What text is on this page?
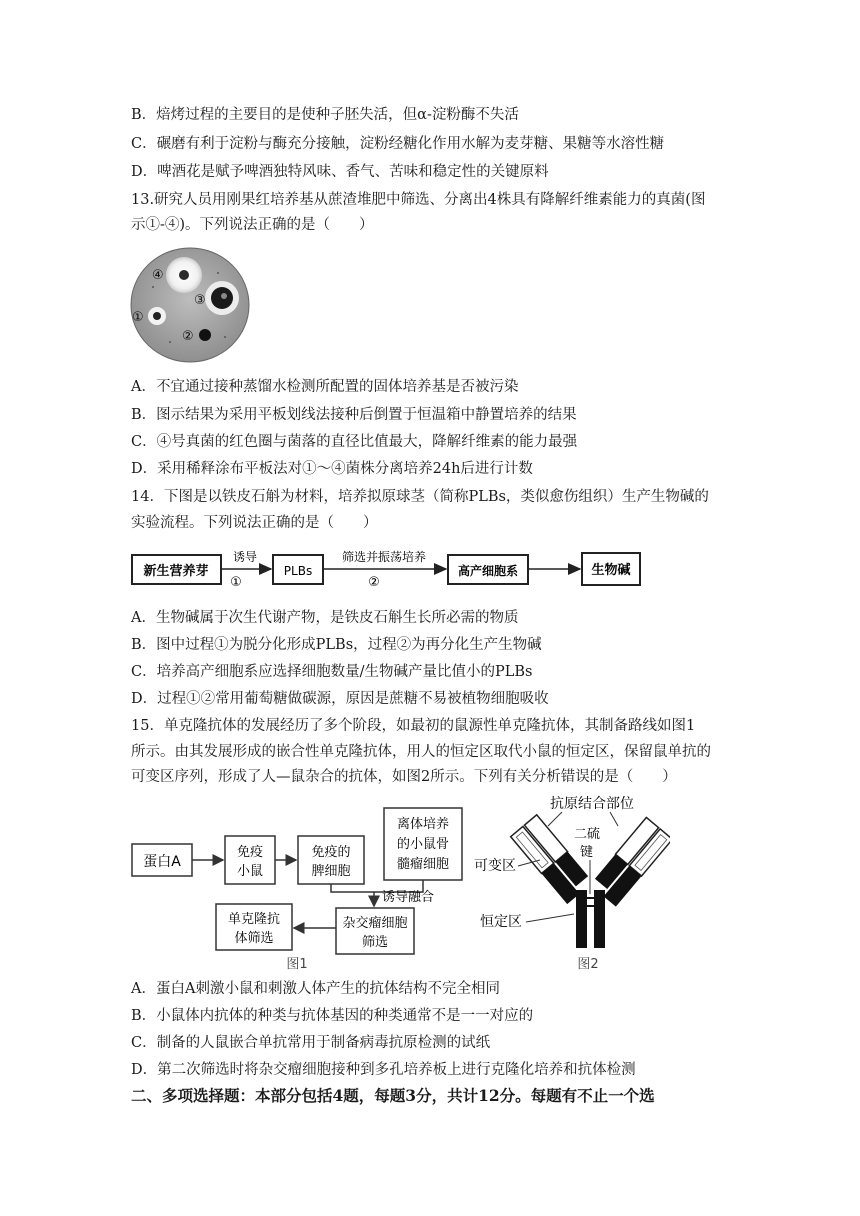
B．焙烤过程的主要目的是使种子胚失活，但α-淀粉酶不失活
C．碾磨有利于淀粉与酶充分接触，淀粉经糖化作用水解为麦芽糖、果糖等水溶性糖
D．啤酒花是赋予啤酒独特风味、香气、苦味和稳定性的关键原料
13.研究人员用刚果红培养基从蔗渣堆肥中筛选、分离出4株具有降解纤维素能力的真菌(图
示①-④)。下列说法正确的是（　　）
④
③
①
②
A．不宜通过接种蒸馏水检测所配置的固体培养基是否被污染
B．图示结果为采用平板划线法接种后倒置于恒温箱中静置培养的结果
C．④号真菌的红色圈与菌落的直径比值最大，降解纤维素的能力最强
D．采用稀释涂布平板法对①～④菌株分离培养24h后进行计数
14．下图是以铁皮石斛为材料，培养拟原球茎（简称PLBs，类似愈伤组织）生产生物碱的
实验流程。下列说法正确的是（　　）
新生营养芽
诱导
①
PLBs
筛选并振荡培养
②
高产细胞系	生物碱
A．生物碱属于次生代谢产物，是铁皮石斛生长所必需的物质
B．图中过程①为脱分化形成PLBs，过程②为再分化生产生物碱
C．培养高产细胞系应选择细胞数量/生物碱产量比值小的PLBs
D．过程①②常用葡萄糖做碳源，原因是蔗糖不易被植物细胞吸收
15．单克隆抗体的发展经历了多个阶段，如最初的鼠源性单克隆抗体，其制备路线如图1
所示。由其发展形成的嵌合性单克隆抗体，用人的恒定区取代小鼠的恒定区，保留鼠单抗的
可变区序列，形成了人—鼠杂合的抗体，如图2所示。下列有关分析错误的是（　　）
蛋白A
免疫
小鼠
免疫的
脾细胞
离体培养
的小鼠骨
髓瘤细胞
诱导融合
杂交瘤细胞
筛选
单克隆抗
体筛选
图1
抗原结合部位
二硫
键
可变区
恒定区
图2
A．蛋白A刺激小鼠和刺激人体产生的抗体结构不完全相同
B．小鼠体内抗体的种类与抗体基因的种类通常不是一一对应的
C．制备的人鼠嵌合单抗常用于制备病毒抗原检测的试纸
D．第二次筛选时将杂交瘤细胞接种到多孔培养板上进行克隆化培养和抗体检测
二、多项选择题：本部分包括4题，每题3分，共计12分。每题有不止一个选
